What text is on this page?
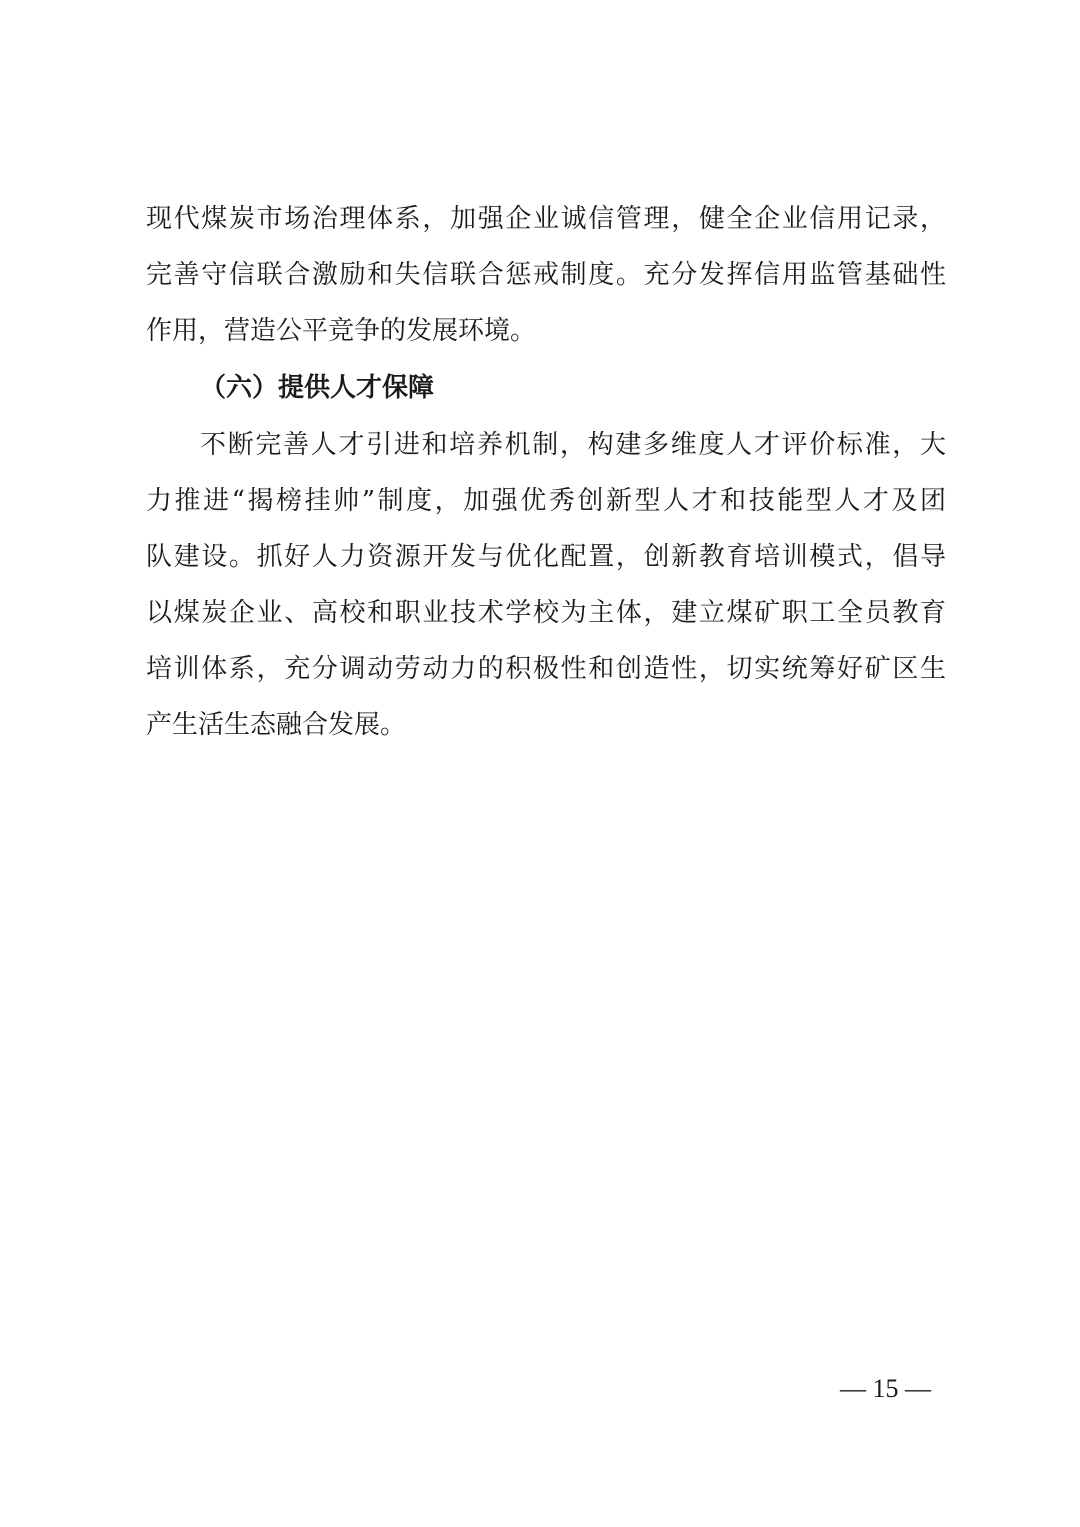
现代煤炭市场治理体系，加强企业诚信管理，健全企业信用记录，
完善守信联合激励和失信联合惩戒制度。充分发挥信用监管基础性
作用，营造公平竞争的发展环境。
（六）提供人才保障
不断完善人才引进和培养机制，构建多维度人才评价标准，大
力推进“揭榜挂帅”制度，加强优秀创新型人才和技能型人才及团
队建设。抓好人力资源开发与优化配置，创新教育培训模式，倡导
以煤炭企业、高校和职业技术学校为主体，建立煤矿职工全员教育
培训体系，充分调动劳动力的积极性和创造性，切实统筹好矿区生
产生活生态融合发展。
— 15 —
